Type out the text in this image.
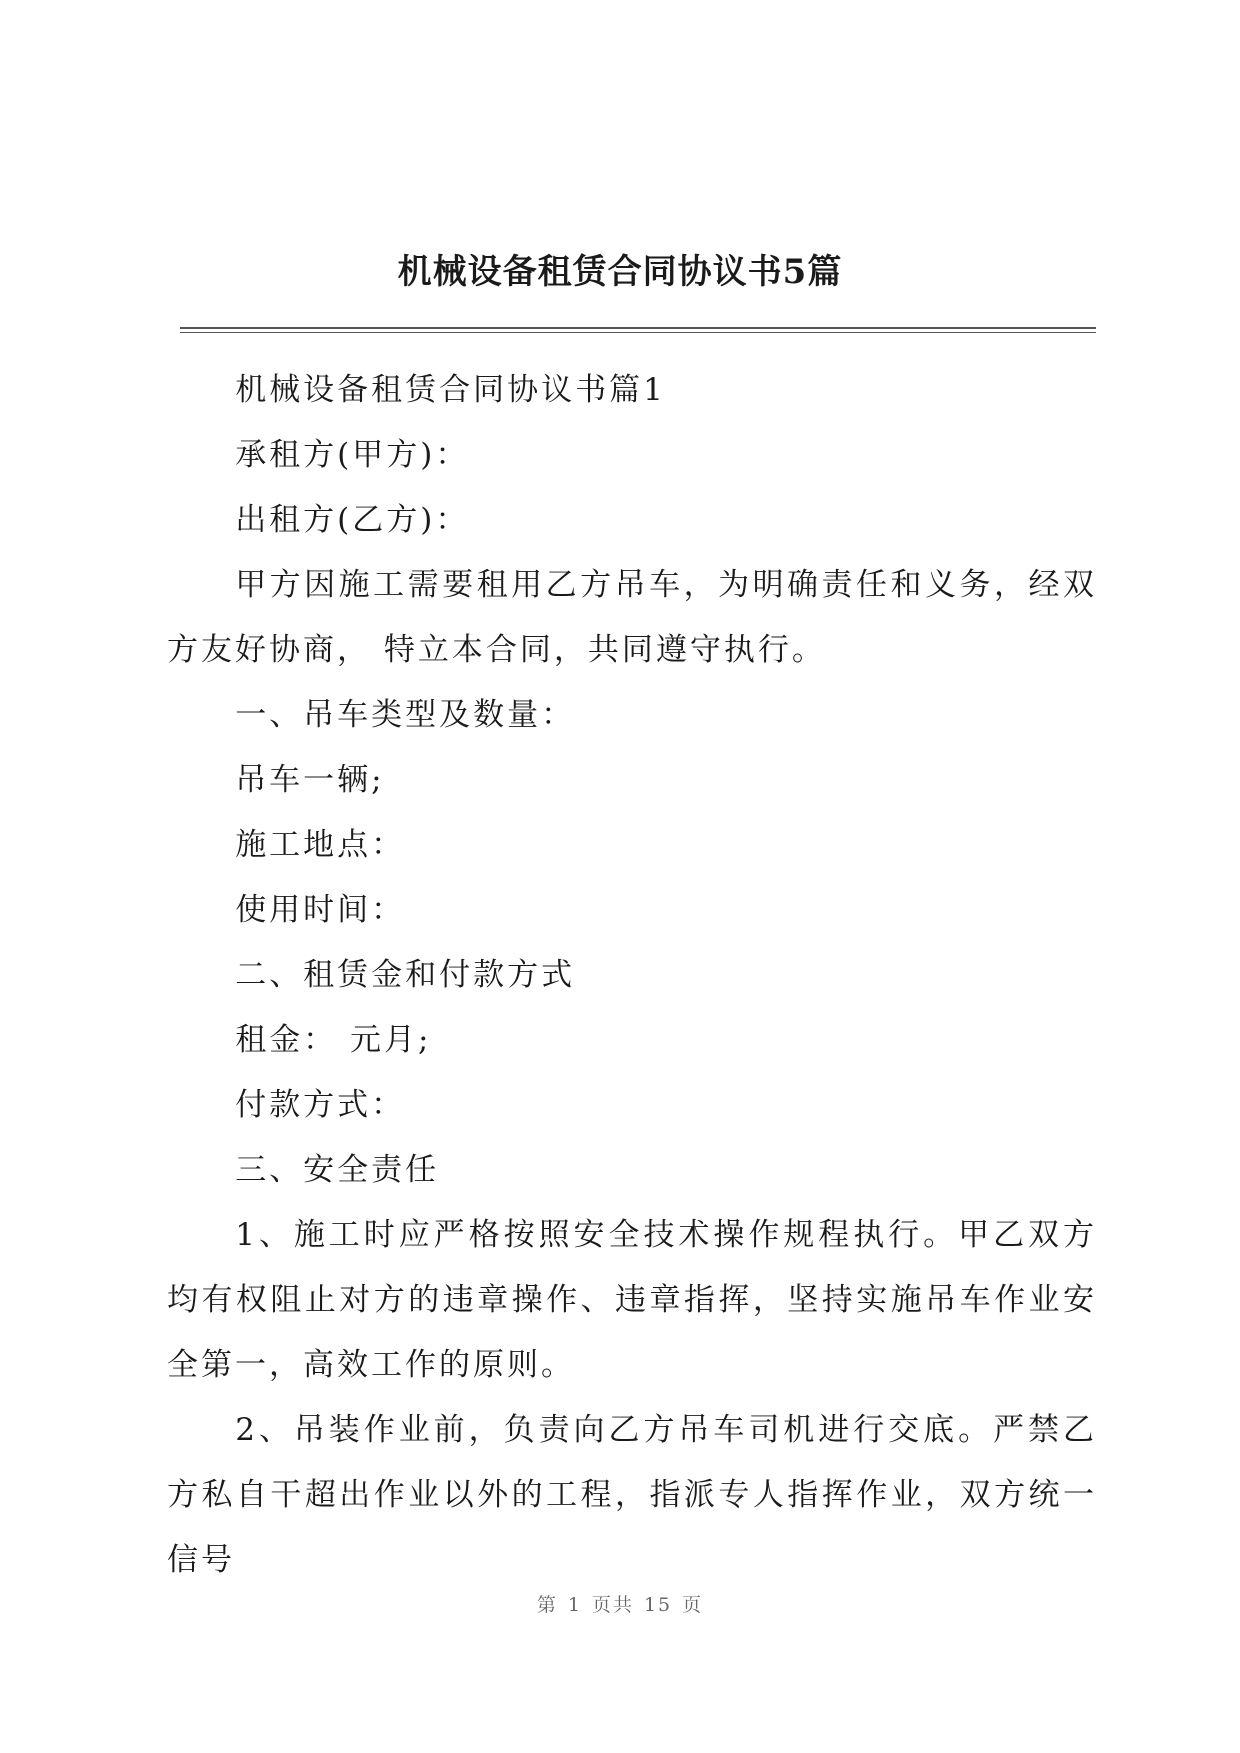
机械设备租赁合同协议书5篇

机械设备租赁合同协议书篇1

承租方(甲方)：

出租方(乙方)：

甲方因施工需要租用乙方吊车，为明确责任和义务，经双方友好协商， 特立本合同，共同遵守执行。

一、吊车类型及数量：

吊车一辆;

施工地点：

使用时间：

二、租赁金和付款方式

租金： 元月;

付款方式：

三、安全责任

1、施工时应严格按照安全技术操作规程执行。甲乙双方均有权阻止对方的违章操作、违章指挥，坚持实施吊车作业安全第一，高效工作的原则。

2、吊装作业前，负责向乙方吊车司机进行交底。严禁乙方私自干超出作业以外的工程，指派专人指挥作业，双方统一信号

第 1 页共 15 页
